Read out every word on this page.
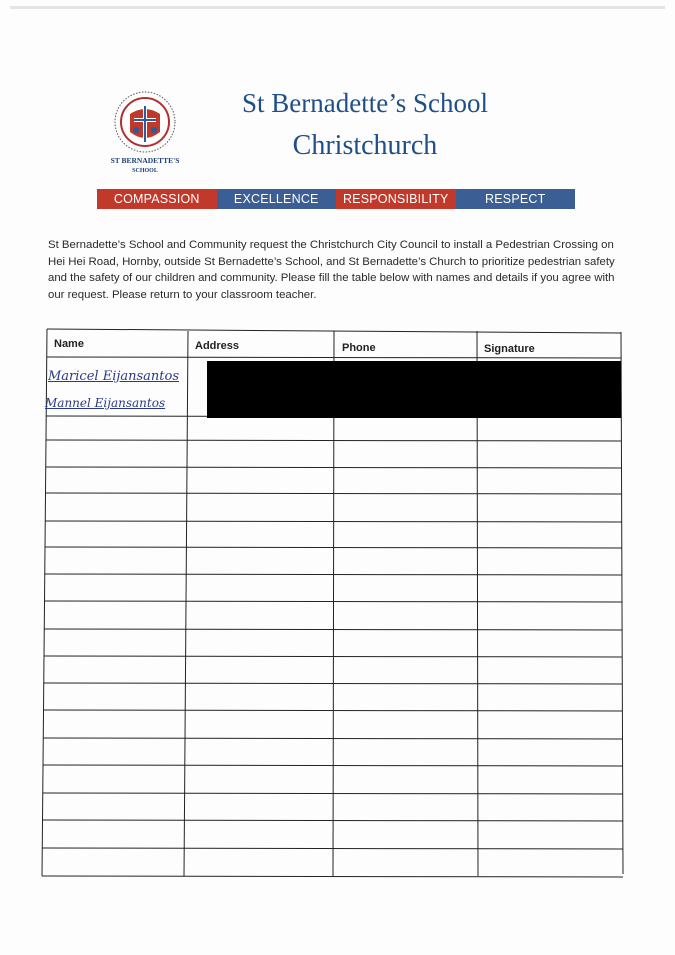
ST BERNADETTE'S
SCHOOL
St Bernadette’s School
Christchurch
COMPASSION	EXCELLENCE	RESPONSIBILITY	RESPECT
St Bernadette’s School and Community request the Christchurch City Council to install a Pedestrian Crossing on Hei Hei Road, Hornby, outside St Bernadette’s School, and St Bernadette’s Church to prioritize pedestrian safety and the safety of our children and community. Please fill the table below with names and details if you agree with our request. Please return to your classroom teacher.
Name	Address	Phone	Signature
Maricel Eijansantos
Mannel Eijansantos
